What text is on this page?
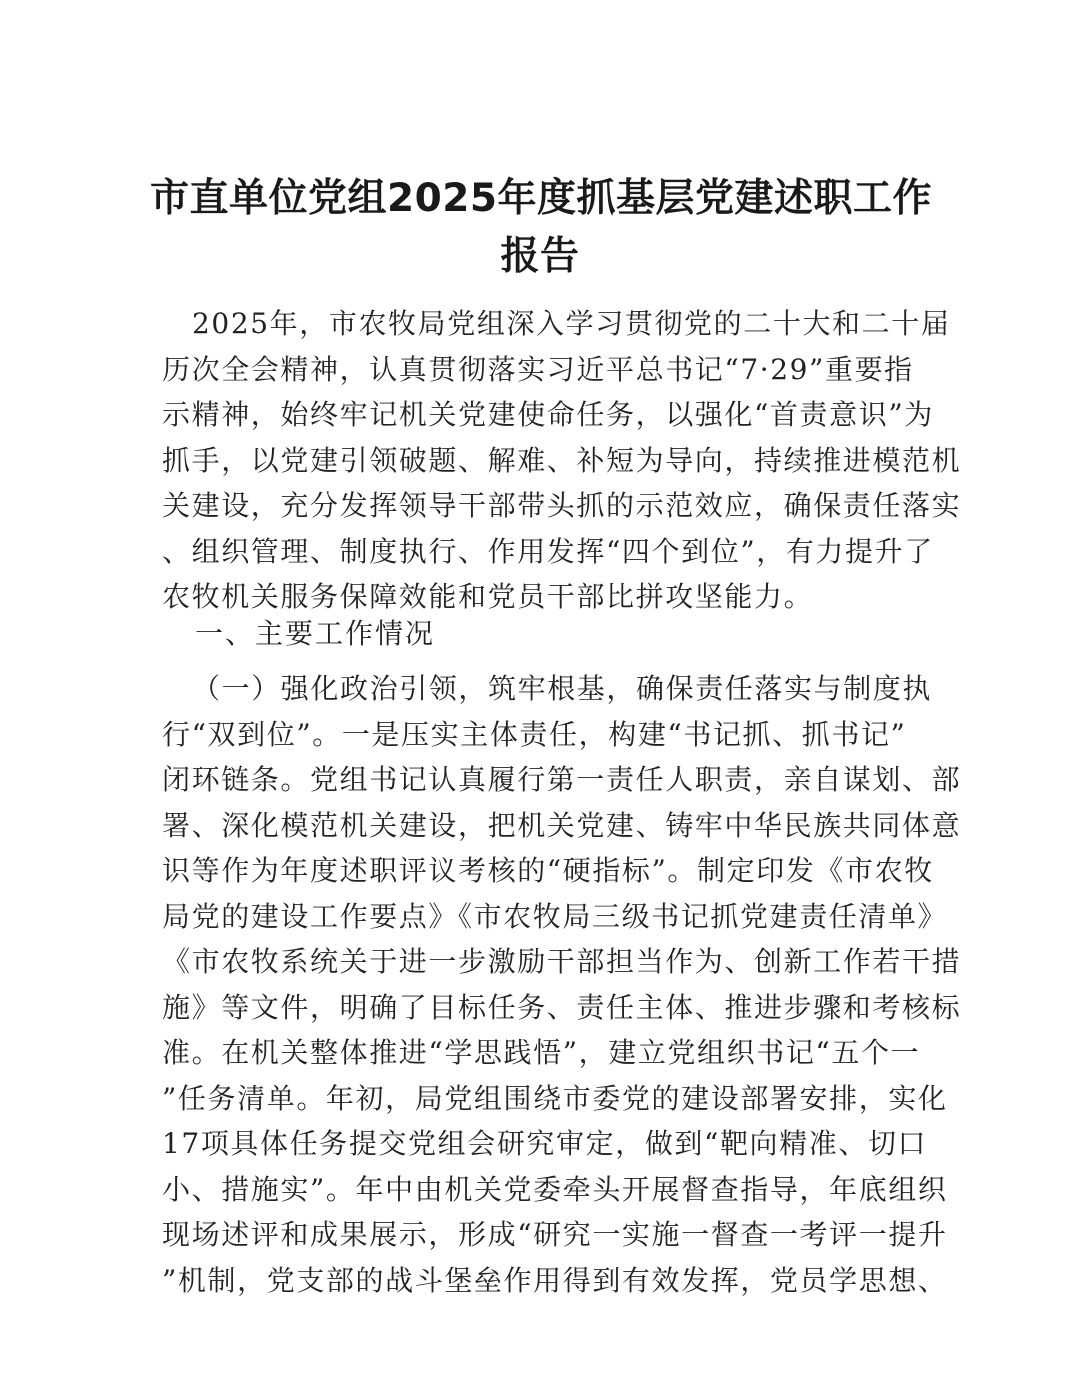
市直单位党组2025年度抓基层党建述职工作
报告
2025年，市农牧局党组深入学习贯彻党的二十大和二十届
历次全会精神，认真贯彻落实习近平总书记“7·29”重要指
示精神，始终牢记机关党建使命任务，以强化“首责意识”为
抓手，以党建引领破题、解难、补短为导向，持续推进模范机
关建设，充分发挥领导干部带头抓的示范效应，确保责任落实
、组织管理、制度执行、作用发挥“四个到位”，有力提升了
农牧机关服务保障效能和党员干部比拼攻坚能力。
一、主要工作情况
（一）强化政治引领，筑牢根基，确保责任落实与制度执
行“双到位”。一是压实主体责任，构建“书记抓、抓书记”
闭环链条。党组书记认真履行第一责任人职责，亲自谋划、部
署、深化模范机关建设，把机关党建、铸牢中华民族共同体意
识等作为年度述职评议考核的“硬指标”。制定印发《市农牧
局党的建设工作要点》《市农牧局三级书记抓党建责任清单》
《市农牧系统关于进一步激励干部担当作为、创新工作若干措
施》等文件，明确了目标任务、责任主体、推进步骤和考核标
准。在机关整体推进“学思践悟”，建立党组织书记“五个一
”任务清单。年初，局党组围绕市委党的建设部署安排，实化
17项具体任务提交党组会研究审定，做到“靶向精准、切口
小、措施实”。年中由机关党委牵头开展督查指导，年底组织
现场述评和成果展示，形成“研究一实施一督查一考评一提升
”机制，党支部的战斗堡垒作用得到有效发挥，党员学思想、
